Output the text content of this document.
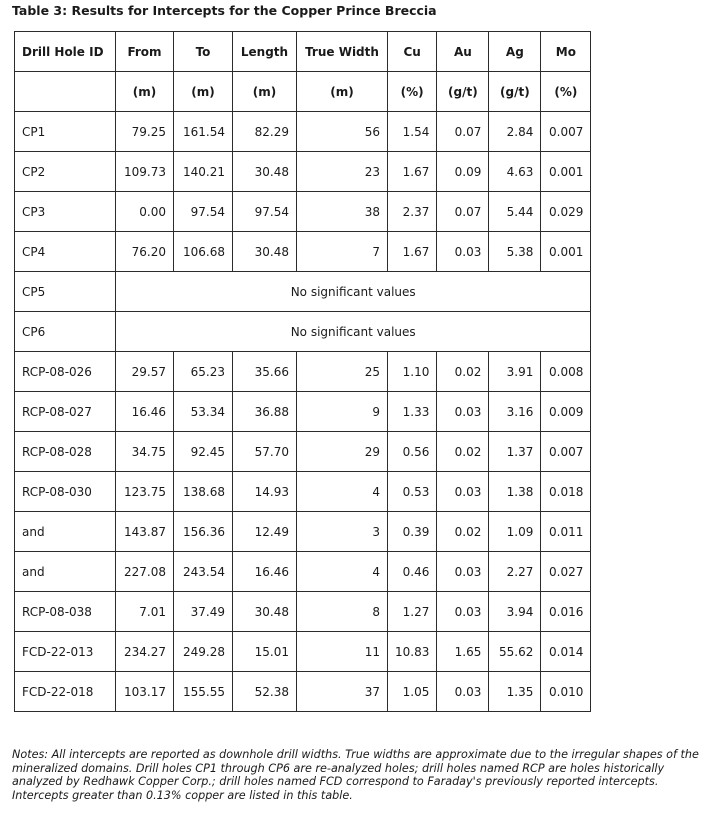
Table 3: Results for Intercepts for the Copper Prince Breccia
Drill Hole ID	From	To	Length	True Width	Cu	Au	Ag	Mo
	(m)	(m)	(m)	(m)	(%)	(g/t)	(g/t)	(%)
CP1	79.25	161.54	82.29	56	1.54	0.07	2.84	0.007
CP2	109.73	140.21	30.48	23	1.67	0.09	4.63	0.001
CP3	0.00	97.54	97.54	38	2.37	0.07	5.44	0.029
CP4	76.20	106.68	30.48	7	1.67	0.03	5.38	0.001
CP5	No significant values							
CP6	No significant values							
RCP-08-026	29.57	65.23	35.66	25	1.10	0.02	3.91	0.008
RCP-08-027	16.46	53.34	36.88	9	1.33	0.03	3.16	0.009
RCP-08-028	34.75	92.45	57.70	29	0.56	0.02	1.37	0.007
RCP-08-030	123.75	138.68	14.93	4	0.53	0.03	1.38	0.018
and	143.87	156.36	12.49	3	0.39	0.02	1.09	0.011
and	227.08	243.54	16.46	4	0.46	0.03	2.27	0.027
RCP-08-038	7.01	37.49	30.48	8	1.27	0.03	3.94	0.016
FCD-22-013	234.27	249.28	15.01	11	10.83	1.65	55.62	0.014
FCD-22-018	103.17	155.55	52.38	37	1.05	0.03	1.35	0.010
Notes: All intercepts are reported as downhole drill widths. True widths are approximate due to the irregular shapes of the mineralized domains. Drill holes CP1 through CP6 are re-analyzed holes; drill holes named RCP are holes historically analyzed by Redhawk Copper Corp.; drill holes named FCD correspond to Faraday's previously reported intercepts. Intercepts greater than 0.13% copper are listed in this table.
